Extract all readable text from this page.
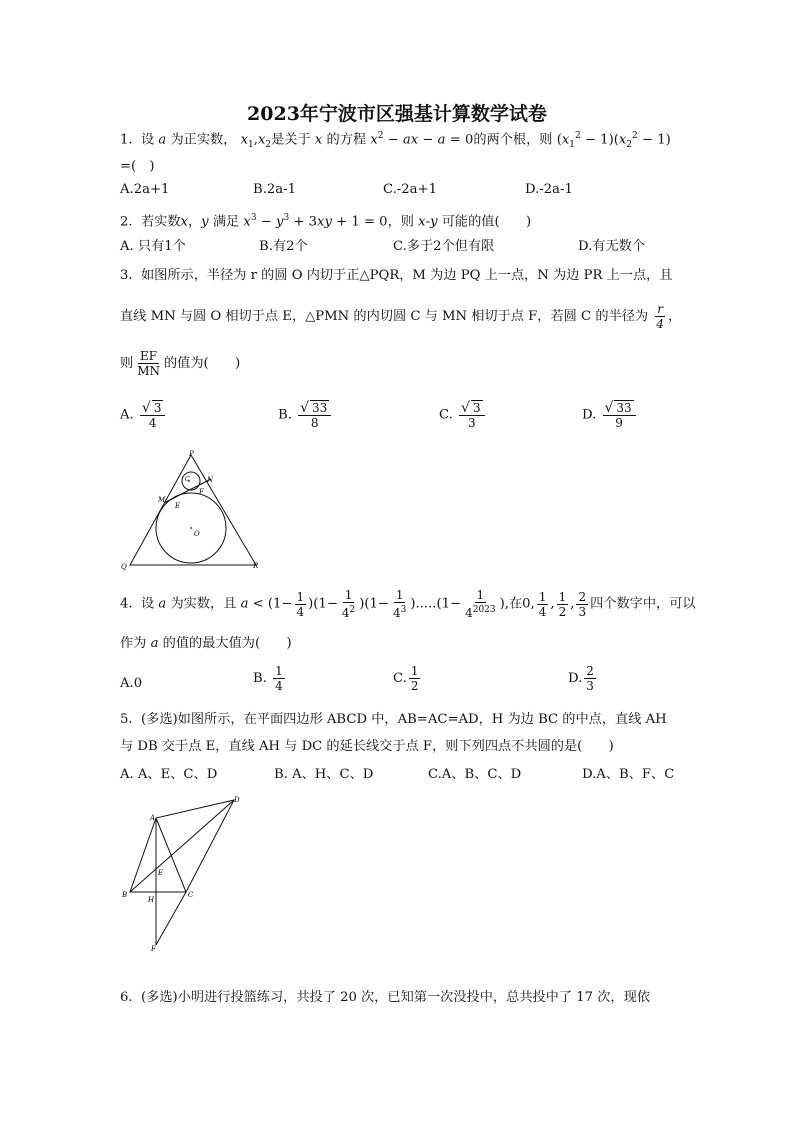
2023年宁波市区强基计算数学试卷
1. 设 a 为正实数， $x_1,x_2$是关于 x 的方程 $x^2$ − ax − a = 0的两个根，则 $(x_1^2 - 1)(x_2^2 - 1)$
=(　)
A.2a+1	B.2a-1	C.-2a+1	D.-2a-1
2. 若实数x，y 满足 $x^3 - y^3 + 3xy + 1 = 0$，则 x-y 可能的值(　　)
A. 只有1个	B.有2个	C.多于2个但有限	D.有无数个
3. 如图所示，半径为 r 的圆 O 内切于正△PQR，M 为边 PQ 上一点，N 为边 PR 上一点，且
直线 MN 与圆 O 相切于点 E，△PMN 的内切圆 C 与 MN 相切于点 F，若圆 C 的半径为 $\frac{r}{4}$ ，
则 $\frac{EF}{MN}$ 的值为(　　)
A. $\frac{√ 3}{4}$	B. $\frac{√ 33}{8}$	C. $\frac{√ 3}{3}$	D. $\frac{√ 33}{9}$
P
Q	R
M
N
E
F
C
O
4. 设 a 为实数，且 $a < (1- \frac{1}{4} )(1- \frac{1}{4^2} )(1- \frac{1}{4^3} ).....(1- \frac{1}{4^{2023}}$ ),在0, $\frac{1}{4}$ , $\frac{1}{2}$ , $\frac{2}{3}$ 四个数字中，可以
作为 a 的值的最大值为(　　)
A.0	B. $\frac{1}{4}$	C. $\frac{1}{2}$	D. $\frac{2}{3}$
5. (多选)如图所示，在平面四边形 ABCD 中，AB=AC=AD，H 为边 BC 的中点，直线 AH
与 DB 交于点 E，直线 AH 与 DC 的延长线交于点 F，则下列四点不共圆的是(　　)
A. A、E、C、D	B. A、H、C、D	C.A、B、C、D	D.A、B、F、C
A
B	C
D
E
H
F
6. (多选)小明进行投篮练习，共投了 20 次，已知第一次没投中，总共投中了 17 次，现依
